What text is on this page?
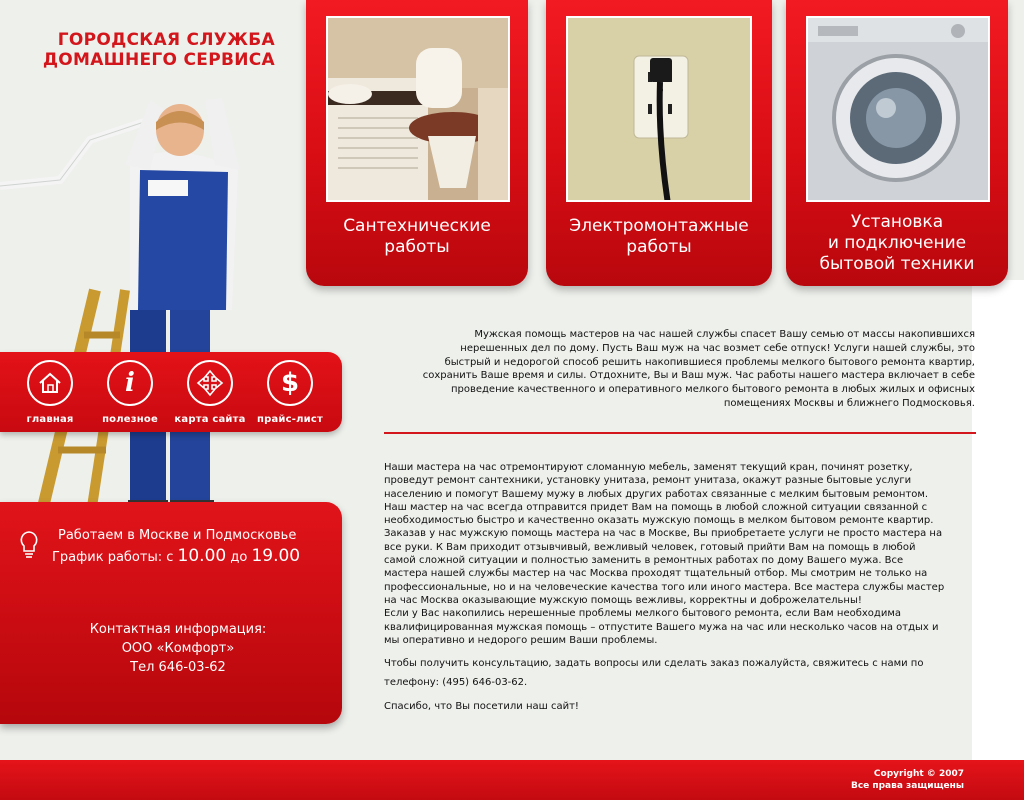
ГОРОДСКАЯ СЛУЖБА
ДОМАШНЕГО СЕРВИСА
Сантехнические
работы
Электромонтажные
работы
Установка
и подключение
бытовой техники
главная
i
полезное	карта сайта
$
прайс-лист
Работаем в Москве и Подмосковье
График работы: с 10.00 до 19.00
Контактная информация:
ООО «Комфорт»
Тел 646-03-62
Мужская помощь мастеров на час нашей службы спасет Вашу семью от массы накопившихся
нерешенных дел по дому. Пусть Ваш муж на час возмет себе отпуск! Услуги нашей службы, это
быстрый и недорогой способ решить накопившиеся проблемы мелкого бытового ремонта квартир,
сохранить Ваше время и силы. Отдохните, Вы и Ваш муж. Час работы нашего мастера включает в себе
проведение качественного и оперативного мелкого бытового ремонта в любых жилых и офисных
помещениях Москвы и ближнего Подмосковья.
Наши мастера на час отремонтируют сломанную мебель, заменят текущий кран, починят розетку,
проведут ремонт сантехники, установку унитаза, ремонт унитаза, окажут разные бытовые услуги
населению и помогут Вашему мужу в любых других работах связанные с мелким бытовым ремонтом.
Наш мастер на час всегда отправится придет Вам на помощь в любой сложной ситуации связанной с
необходимостью быстро и качественно оказать мужскую помощь в мелком бытовом ремонте квартир.
Заказав у нас мужскую помощь мастера на час в Москве, Вы приобретаете услуги не просто мастера на
все руки. К Вам приходит отзывчивый, вежливый человек, готовый прийти Вам на помощь в любой
самой сложной ситуации и полностью заменить в ремонтных работах по дому Вашего мужа. Все
мастера нашей службы мастер на час Москва проходят тщательный отбор. Мы смотрим не только на
профессиональные, но и на человеческие качества того или иного мастера. Все мастера службы мастер
на час Москва оказывающие мужскую помощь вежливы, корректны и доброжелательны!
Если у Вас накопились нерешенные проблемы мелкого бытового ремонта, если Вам необходима
квалифицированная мужская помощь – отпустите Вашего мужа на час или несколько часов на отдых и
мы оперативно и недорого решим Ваши проблемы.
Чтобы получить консультацию, задать вопросы или сделать заказ пожалуйста, свяжитесь с нами по
телефону: (495) 646-03-62.
Спасибо, что Вы посетили наш сайт!
Copyright © 2007
Все права защищены
